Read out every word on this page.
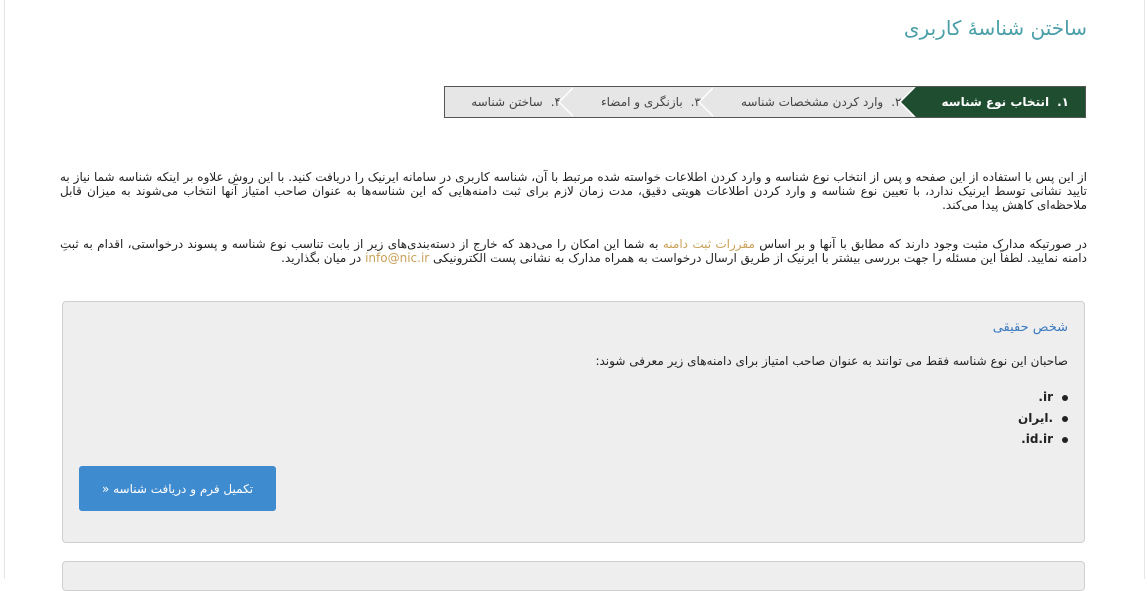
ساختن شناسهٔ کاربری
۱.انتخاب نوع شناسه
۲.وارد کردن مشخصات شناسه
۳.بازنگری و امضاء
۴.ساختن شناسه

از این پس با استفاده از این صفحه و پس از انتخاب نوع شناسه و وارد کردن اطلاعات خواسته شده مرتبط با آن، شناسه کاربری در سامانه ایرنیک را دریافت کنید. با این روش علاوه بر اینکه شناسه شما نیاز به تایید نشانی توسط ایرنیک ندارد، با تعیین نوع شناسه و وارد کردن اطلاعات هویتی دقیق، مدت زمان لازم برای ثبت دامنه‌هایی که این شناسه‌ها به عنوان صاحب امتیاز آنها انتخاب می‌شوند به میزان قابل ملاحظه‌ای کاهش پیدا می‌کند.

در صورتیکه مدارک مثبت وجود دارند که مطابق با آنها و بر اساس مقررات ثبت دامنه به شما این امکان را می‌دهد که خارج از دسته‌بندی‌های زیر از بابت تناسب نوع شناسه و پسوند درخواستی، اقدام به ثبتِ دامنه نمایید. لطفاً این مسئله را جهت بررسی بیشتر با ایرنیک از طریق ارسال درخواست به همراه مدارک به نشانی پست الکترونیکی info@nic.ir در میان بگذارید.

شخص حقیقی

صاحبان این نوع شناسه فقط می توانند به عنوان صاحب امتیاز برای دامنه‌های زیر معرفی شوند:

.ir
.ایران
.id.ir
تکمیل فرم و دریافت شناسه «
